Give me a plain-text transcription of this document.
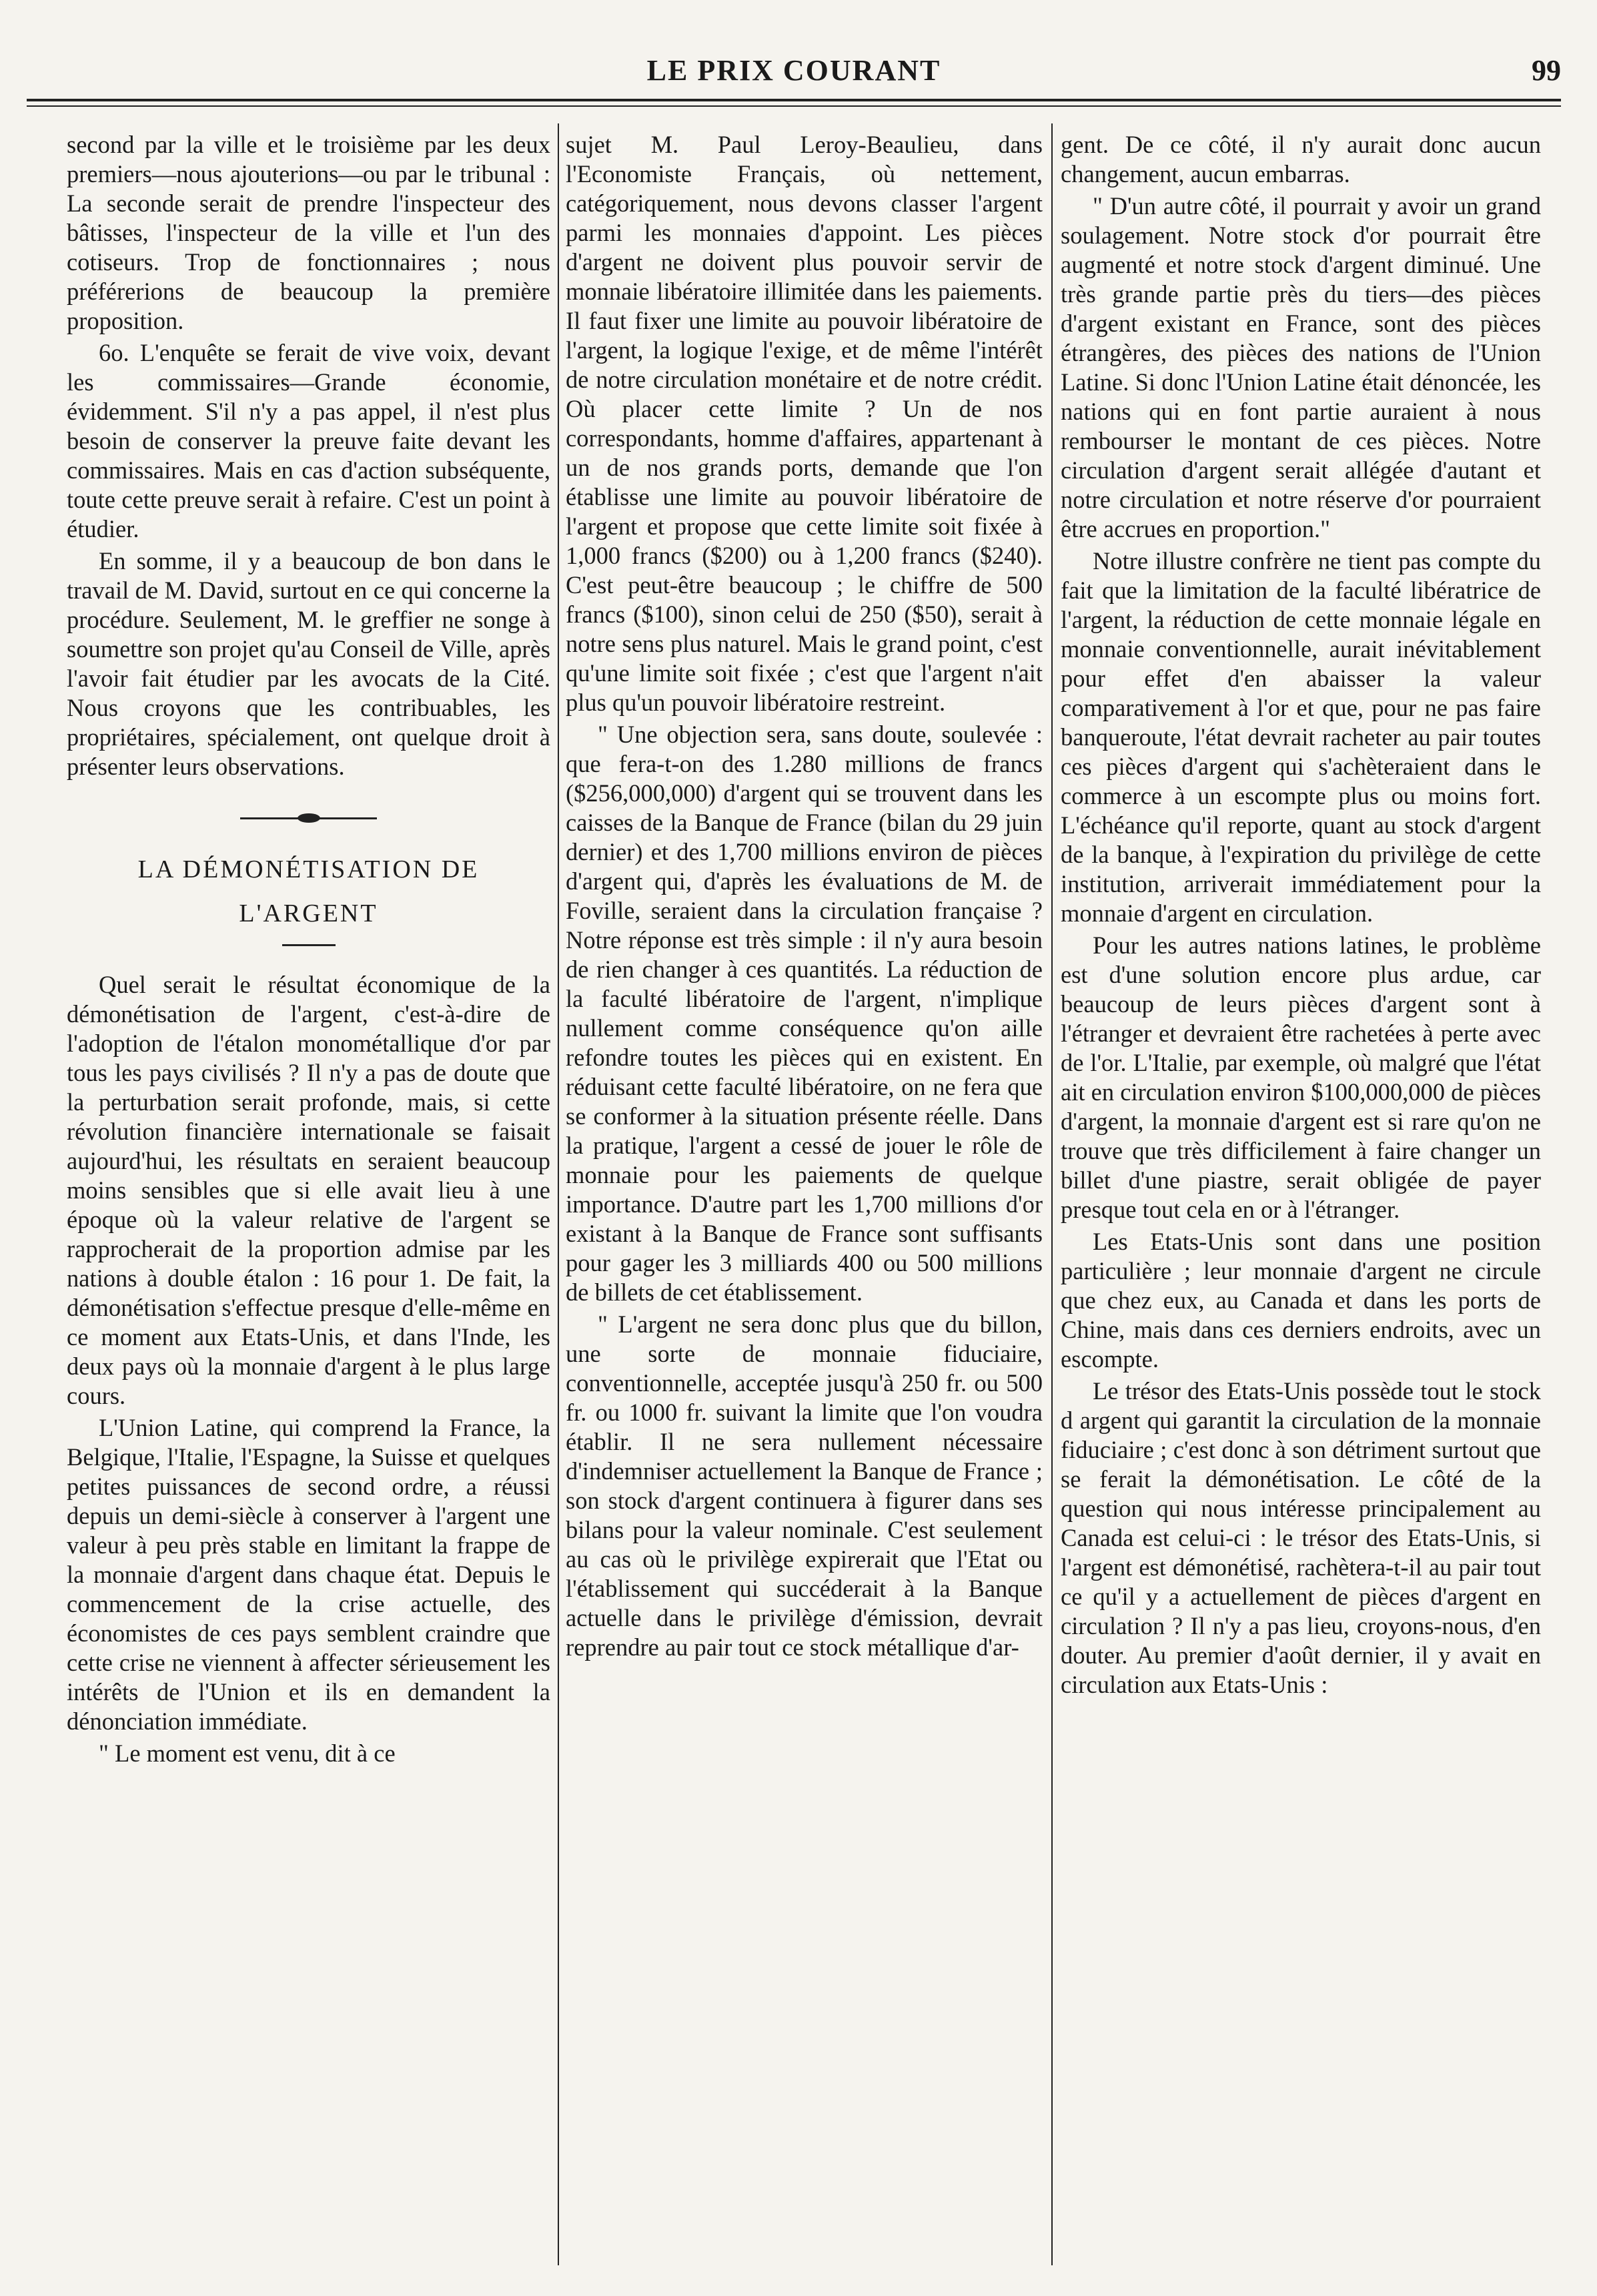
LE PRIX COURANT	99

second par la ville et le troisième par les deux premiers—nous ajouterions—ou par le tribunal : La seconde serait de prendre l'inspecteur des bâtisses, l'inspecteur de la ville et l'un des cotiseurs. Trop de fonctionnaires ; nous préférerions de beaucoup la première proposition.

6o. L'enquête se ferait de vive voix, devant les commissaires—Grande économie, évidemment. S'il n'y a pas appel, il n'est plus besoin de conserver la preuve faite devant les commissaires. Mais en cas d'action subséquente, toute cette preuve serait à refaire. C'est un point à étudier.

En somme, il y a beaucoup de bon dans le travail de M. David, surtout en ce qui concerne la procédure. Seulement, M. le greffier ne songe à soumettre son projet qu'au Conseil de Ville, après l'avoir fait étudier par les avocats de la Cité. Nous croyons que les contribuables, les propriétaires, spécialement, ont quelque droit à présenter leurs observations.

LA DÉMONÉTISATION DE

L'ARGENT

Quel serait le résultat économique de la démonétisation de l'argent, c'est-à-dire de l'adoption de l'étalon monométallique d'or par tous les pays civilisés ? Il n'y a pas de doute que la perturbation serait profonde, mais, si cette révolution financière internationale se faisait aujourd'hui, les résultats en seraient beaucoup moins sensibles que si elle avait lieu à une époque où la valeur relative de l'argent se rapprocherait de la proportion admise par les nations à double étalon : 16 pour 1. De fait, la démonétisation s'effectue presque d'elle-même en ce moment aux Etats-Unis, et dans l'Inde, les deux pays où la monnaie d'argent à le plus large cours.

L'Union Latine, qui comprend la France, la Belgique, l'Italie, l'Espagne, la Suisse et quelques petites puissances de second ordre, a réussi depuis un demi-siècle à conserver à l'argent une valeur à peu près stable en limitant la frappe de la monnaie d'argent dans chaque état. Depuis le commencement de la crise actuelle, des économistes de ces pays semblent craindre que cette crise ne viennent à affecter sérieusement les intérêts de l'Union et ils en demandent la dénonciation immédiate.

" Le moment est venu, dit à ce

sujet M. Paul Leroy-Beaulieu, dans l'Economiste Français, où nettement, catégoriquement, nous devons classer l'argent parmi les monnaies d'appoint. Les pièces d'argent ne doivent plus pouvoir servir de monnaie libératoire illimitée dans les paiements. Il faut fixer une limite au pouvoir libératoire de l'argent, la logique l'exige, et de même l'intérêt de notre circulation monétaire et de notre crédit. Où placer cette limite ? Un de nos correspondants, homme d'affaires, appartenant à un de nos grands ports, demande que l'on établisse une limite au pouvoir libératoire de l'argent et propose que cette limite soit fixée à 1,000 francs ($200) ou à 1,200 francs ($240). C'est peut-être beaucoup ; le chiffre de 500 francs ($100), sinon celui de 250 ($50), serait à notre sens plus naturel. Mais le grand point, c'est qu'une limite soit fixée ; c'est que l'argent n'ait plus qu'un pouvoir libératoire restreint.

" Une objection sera, sans doute, soulevée : que fera-t-on des 1.280 millions de francs ($256,000,000) d'argent qui se trouvent dans les caisses de la Banque de France (bilan du 29 juin dernier) et des 1,700 millions environ de pièces d'argent qui, d'après les évaluations de M. de Foville, seraient dans la circulation française ? Notre réponse est très simple : il n'y aura besoin de rien changer à ces quantités. La réduction de la faculté libératoire de l'argent, n'implique nullement comme conséquence qu'on aille refondre toutes les pièces qui en existent. En réduisant cette faculté libératoire, on ne fera que se conformer à la situation présente réelle. Dans la pratique, l'argent a cessé de jouer le rôle de monnaie pour les paiements de quelque importance. D'autre part les 1,700 millions d'or existant à la Banque de France sont suffisants pour gager les 3 milliards 400 ou 500 millions de billets de cet établissement.

" L'argent ne sera donc plus que du billon, une sorte de monnaie fiduciaire, conventionnelle, acceptée jusqu'à 250 fr. ou 500 fr. ou 1000 fr. suivant la limite que l'on voudra établir. Il ne sera nullement nécessaire d'indemniser actuellement la Banque de France ; son stock d'argent continuera à figurer dans ses bilans pour la valeur nominale. C'est seulement au cas où le privilège expirerait que l'Etat ou l'établissement qui succéderait à la Banque actuelle dans le privilège d'émission, devrait reprendre au pair tout ce stock métallique d'ar-

gent. De ce côté, il n'y aurait donc aucun changement, aucun embarras.

" D'un autre côté, il pourrait y avoir un grand soulagement. Notre stock d'or pourrait être augmenté et notre stock d'argent diminué. Une très grande partie près du tiers—des pièces d'argent existant en France, sont des pièces étrangères, des pièces des nations de l'Union Latine. Si donc l'Union Latine était dénoncée, les nations qui en font partie auraient à nous rembourser le montant de ces pièces. Notre circulation d'argent serait allégée d'autant et notre circulation et notre réserve d'or pourraient être accrues en proportion."

Notre illustre confrère ne tient pas compte du fait que la limitation de la faculté libératrice de l'argent, la réduction de cette monnaie légale en monnaie conventionnelle, aurait inévitablement pour effet d'en abaisser la valeur comparativement à l'or et que, pour ne pas faire banqueroute, l'état devrait racheter au pair toutes ces pièces d'argent qui s'achèteraient dans le commerce à un escompte plus ou moins fort. L'échéance qu'il reporte, quant au stock d'argent de la banque, à l'expiration du privilège de cette institution, arriverait immédiatement pour la monnaie d'argent en circulation.

Pour les autres nations latines, le problème est d'une solution encore plus ardue, car beaucoup de leurs pièces d'argent sont à l'étranger et devraient être rachetées à perte avec de l'or. L'Italie, par exemple, où malgré que l'état ait en circulation environ $100,000,000 de pièces d'argent, la monnaie d'argent est si rare qu'on ne trouve que très difficilement à faire changer un billet d'une piastre, serait obligée de payer presque tout cela en or à l'étranger.

Les Etats-Unis sont dans une position particulière ; leur monnaie d'argent ne circule que chez eux, au Canada et dans les ports de Chine, mais dans ces derniers endroits, avec un escompte.

Le trésor des Etats-Unis possède tout le stock d argent qui garantit la circulation de la monnaie fiduciaire ; c'est donc à son détriment surtout que se ferait la démonétisation. Le côté de la question qui nous intéresse principalement au Canada est celui-ci : le trésor des Etats-Unis, si l'argent est démonétisé, rachètera-t-il au pair tout ce qu'il y a actuellement de pièces d'argent en circulation ? Il n'y a pas lieu, croyons-nous, d'en douter. Au premier d'août dernier, il y avait en circulation aux Etats-Unis :
